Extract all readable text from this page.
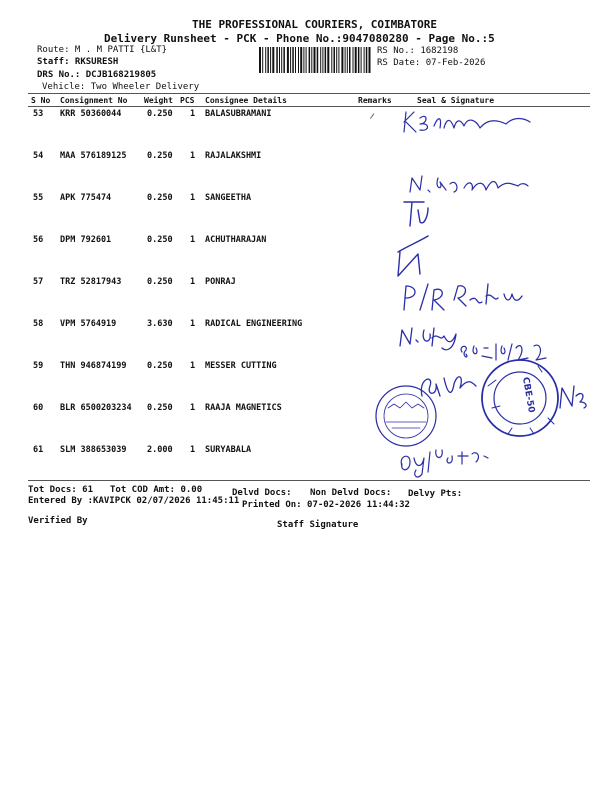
THE PROFESSIONAL COURIERS, COIMBATORE
Delivery Runsheet - PCK - Phone No.:9047080280 - Page No.:5
Route: M . M PATTI {L&T}
Staff: RKSURESH
DRS No.: DCJB168219805
Vehicle: Two Wheeler Delivery
RS No.: 1682198
RS Date: 07-Feb-2026
S No Consignment No Weight PCS Consignee Details	Remarks	Seal & Signature
53 KRR 50360044	0.250 1 BALASUBRAMANI
54 MAA 576189125 0.250 1 RAJALAKSHMI
55 APK 775474	0.250 1 SANGEETHA
56 DPM 792601	0.250 1 ACHUTHARAJAN
57 TRZ 52817943	0.250 1 PONRAJ
58 VPM 5764919	3.630 1 RADICAL ENGINEERING
59 THN 946874199 0.250 1 MESSER CUTTING
60 BLR 6500203234 0.250 1 RAAJA MAGNETICS
61 SLM 388653039 2.000 1 SURYABALA
Tot Docs: 61 Tot COD Amt: 0.00	Delvd Docs: Non Delvd Docs: Delvy Pts:
Entered By :KAVIPCK 02/07/2026 11:45:11 Printed On: 07-02-2026 11:44:32
Verified By	Staff Signature
CBE-50
